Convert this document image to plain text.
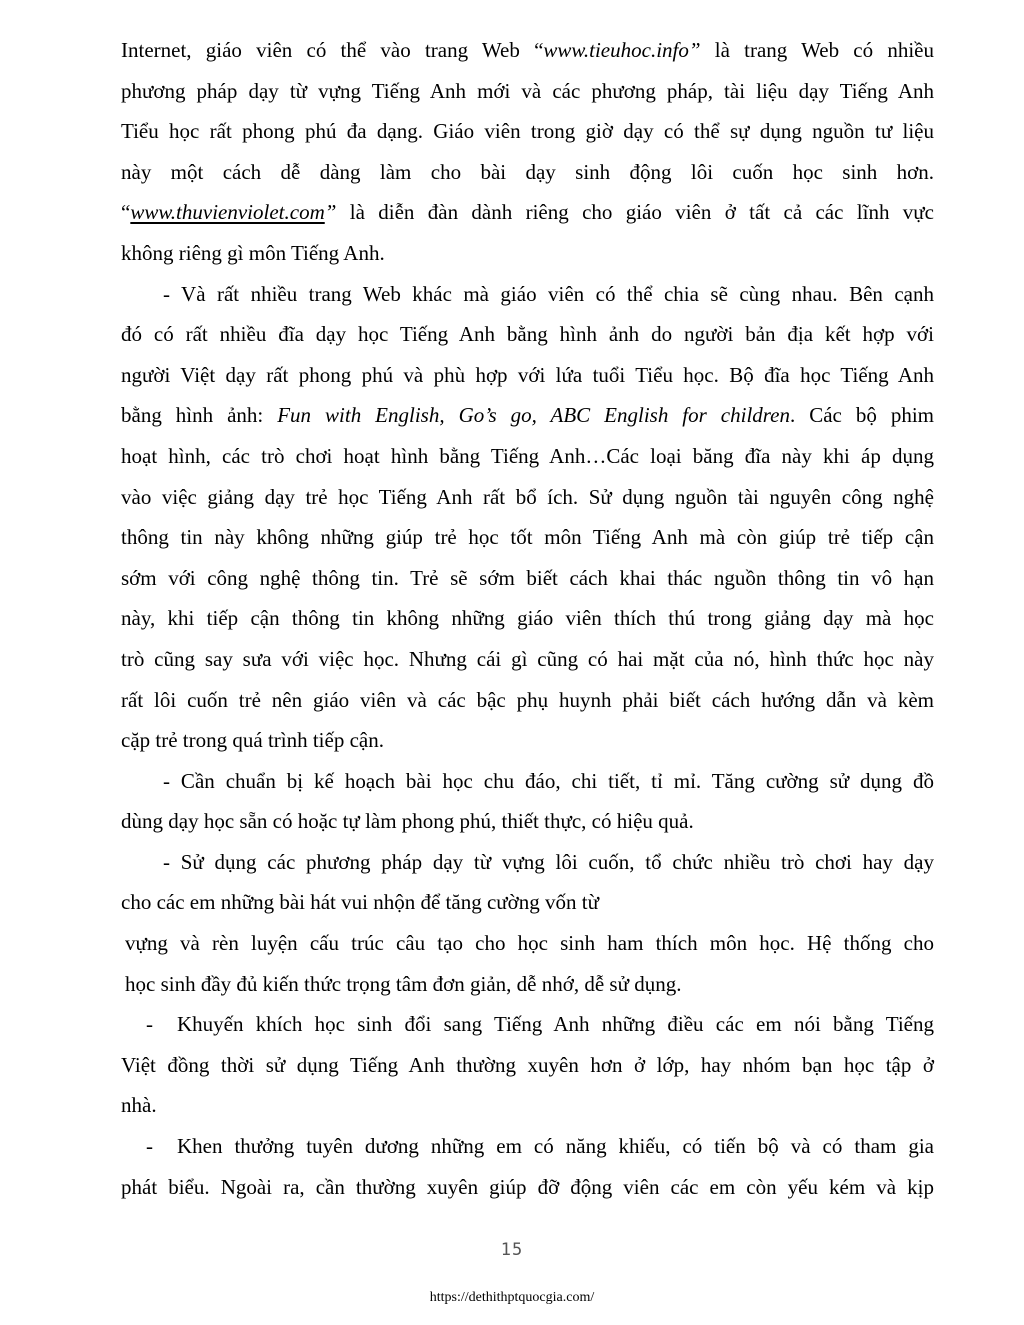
Internet, giáo viên có thể vào trang Web “www.tieuhoc.info” là trang Web có nhiều
phương pháp dạy từ vựng Tiếng Anh mới và các phương pháp, tài liệu dạy Tiếng Anh
Tiểu học rất phong phú đa dạng. Giáo viên trong giờ dạy có thể sự dụng nguồn tư liệu
này một cách dễ dàng làm cho bài dạy sinh động lôi cuốn học sinh hơn.
“www.thuvienviolet.com” là diễn đàn dành riêng cho giáo viên ở tất cả các lĩnh vực
không riêng gì môn Tiếng Anh.

- Và rất nhiều trang Web khác mà giáo viên có thể chia sẽ cùng nhau. Bên cạnh
đó có rất nhiều đĩa dạy học Tiếng Anh bằng hình ảnh do người bản địa kết hợp với
người Việt dạy rất phong phú và phù hợp với lứa tuổi Tiểu học. Bộ đĩa học Tiếng Anh
bằng hình ảnh: Fun with English, Go’s go, ABC English for children. Các bộ phim
hoạt hình, các trò chơi hoạt hình bằng Tiếng Anh…Các loại băng đĩa này khi áp dụng
vào việc giảng dạy trẻ học Tiếng Anh rất bổ ích. Sử dụng nguồn tài nguyên công nghệ
thông tin này không những giúp trẻ học tốt môn Tiếng Anh mà còn giúp trẻ tiếp cận
sớm với công nghệ thông tin. Trẻ sẽ sớm biết cách khai thác nguồn thông tin vô hạn
này, khi tiếp cận thông tin không những giáo viên thích thú trong giảng dạy mà học
trò cũng say sưa với việc học. Nhưng cái gì cũng có hai mặt của nó, hình thức học này
rất lôi cuốn trẻ nên giáo viên và các bậc phụ huynh phải biết cách hướng dẫn và kèm
cặp trẻ trong quá trình tiếp cận.

- Cần chuẩn bị kế hoạch bài học chu đáo, chi tiết, tỉ mỉ. Tăng cường sử dụng đồ
dùng dạy học sẵn có hoặc tự làm phong phú, thiết thực, có hiệu quả.

- Sử dụng các phương pháp dạy từ vựng lôi cuốn, tổ chức nhiều trò chơi hay dạy
cho các em những bài hát vui nhộn để tăng cường vốn từ

vựng và rèn luyện cấu trúc câu tạo cho học sinh ham thích môn học. Hệ thống cho
học sinh đầy đủ kiến thức trọng tâm đơn giản, dễ nhớ, dễ sử dụng.

- Khuyến khích học sinh đổi sang Tiếng Anh những điều các em nói bằng Tiếng
Việt đồng thời sử dụng Tiếng Anh thường xuyên hơn ở lớp, hay nhóm bạn học tập ở
nhà.

- Khen thưởng tuyên dương những em có năng khiếu, có tiến bộ và có tham gia
phát biểu. Ngoài ra, cần thường xuyên giúp đỡ động viên các em còn yếu kém và kịp

15
https://dethithptquocgia.com/
